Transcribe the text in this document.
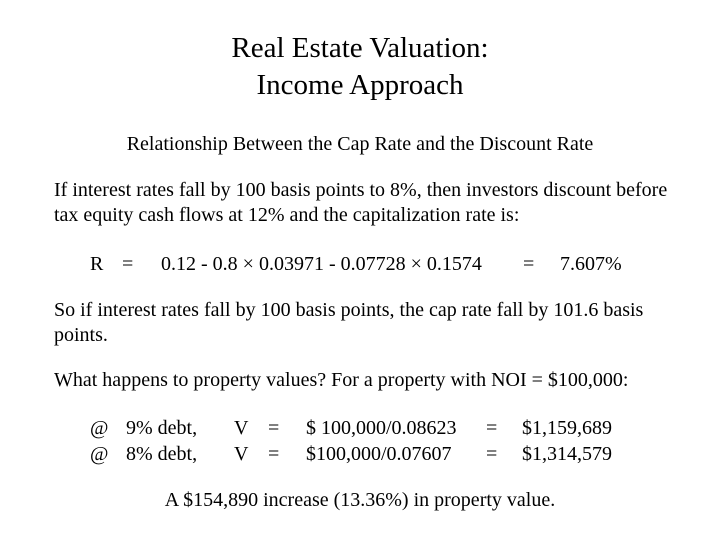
Real Estate Valuation:
Income Approach
Relationship Between the Cap Rate and the Discount Rate
If interest rates fall by 100 basis points to 8%, then investors discount before tax equity cash flows at 12% and the capitalization rate is:
R = 0.12 - 0.8 × 0.03971 - 0.07728 × 0.1574 = 7.607%
So if interest rates fall by 100 basis points, the cap rate fall by 101.6 basis points.
What happens to property values? For a property with NOI = $100,000:
@ 9% debt, V = $ 100,000/0.08623 = $1,159,689
@ 8% debt, V = $100,000/0.07607 = $1,314,579
A $154,890 increase (13.36%) in property value.
